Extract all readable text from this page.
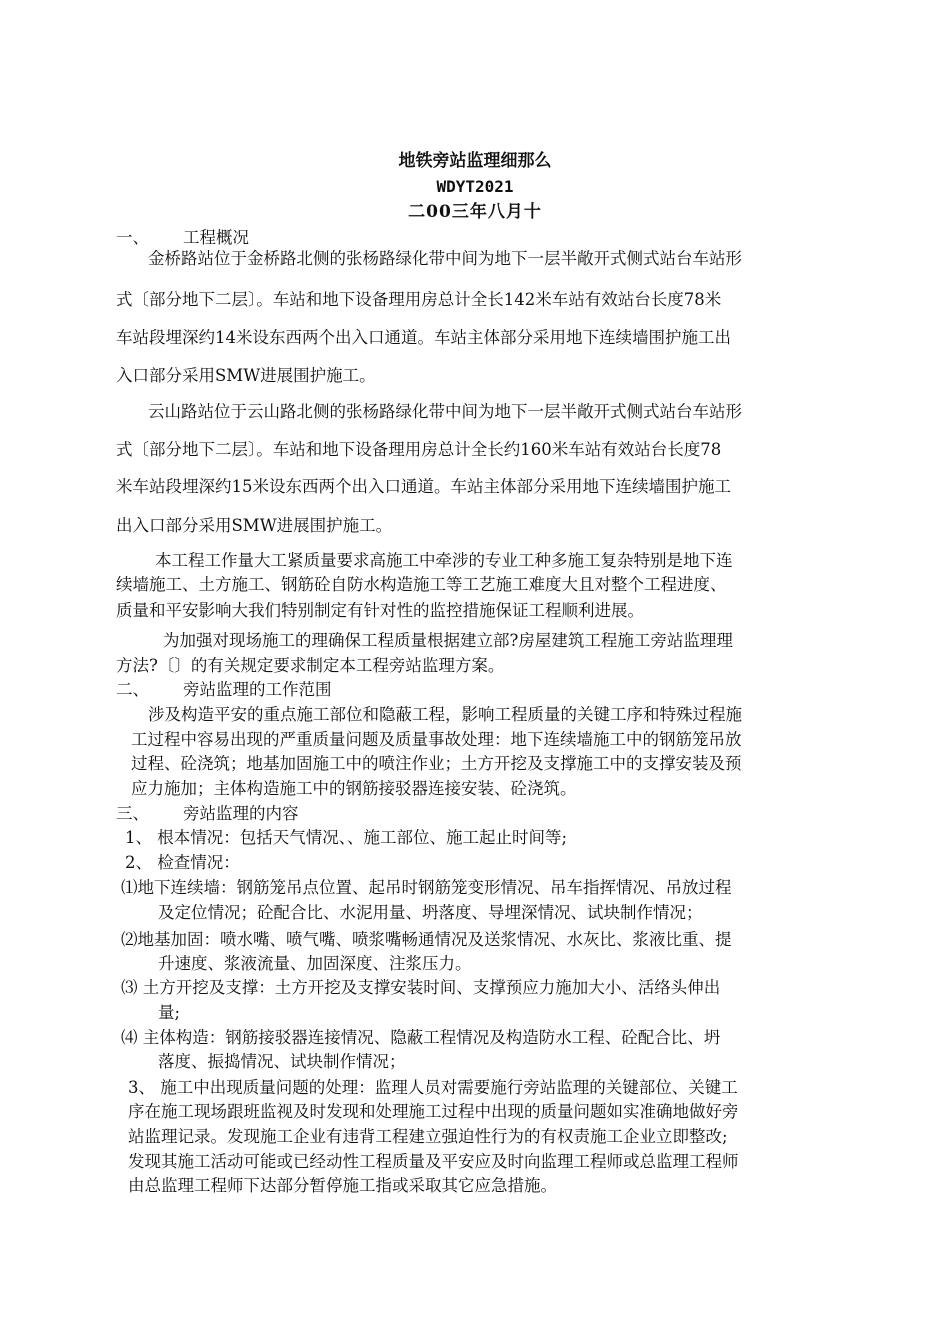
地铁旁站监理细那么
WDYT2021
二00三年八月十
一、 工程概况
金桥路站位于金桥路北侧的张杨路绿化带中间为地下一层半敞开式侧式站台车站形
式〔部分地下二层〕。车站和地下设备理用房总计全长142米车站有效站台长度78米
车站段埋深约14米设东西两个出入口通道。车站主体部分采用地下连续墙围护施工出
入口部分采用SMW进展围护施工。
云山路站位于云山路北侧的张杨路绿化带中间为地下一层半敞开式侧式站台车站形
式〔部分地下二层〕。车站和地下设备理用房总计全长约160米车站有效站台长度78
米车站段埋深约15米设东西两个出入口通道。车站主体部分采用地下连续墙围护施工
出入口部分采用SMW进展围护施工。
本工程工作量大工紧质量要求高施工中牵涉的专业工种多施工复杂特别是地下连
续墙施工、土方施工、钢筋砼自防水构造施工等工艺施工难度大且对整个工程进度、
质量和平安影响大我们特别制定有针对性的监控措施保证工程顺利进展。
为加强对现场施工的理确保工程质量根据建立部?房屋建筑工程施工旁站监理理
方法?〔〕的有关规定要求制定本工程旁站监理方案。
二、 旁站监理的工作范围
涉及构造平安的重点施工部位和隐蔽工程，影响工程质量的关键工序和特殊过程施
工过程中容易出现的严重质量问题及质量事故处理：地下连续墙施工中的钢筋笼吊放
过程、砼浇筑；地基加固施工中的喷注作业；土方开挖及支撑施工中的支撑安装及预
应力施加；主体构造施工中的钢筋接驳器连接安装、砼浇筑。
三、 旁站监理的内容
1、 根本情况：包括天气情况、、施工部位、施工起止时间等;
2、 检查情况：
⑴地下连续墙：钢筋笼吊点位置、起吊时钢筋笼变形情况、吊车指挥情况、吊放过程
及定位情况；砼配合比、水泥用量、坍落度、导埋深情况、试块制作情况；
⑵地基加固：喷水嘴、喷气嘴、喷浆嘴畅通情况及送浆情况、水灰比、浆液比重、提
升速度、浆液流量、加固深度、注浆压力。
⑶ 土方开挖及支撑：土方开挖及支撑安装时间、支撑预应力施加大小、活络头伸出
量;
⑷ 主体构造：钢筋接驳器连接情况、隐蔽工程情况及构造防水工程、砼配合比、坍
落度、振捣情况、试块制作情况；
3、 施工中出现质量问题的处理：监理人员对需要施行旁站监理的关键部位、关键工
序在施工现场跟班监视及时发现和处理施工过程中出现的质量问题如实准确地做好旁
站监理记录。发现施工企业有违背工程建立强迫性行为的有权责施工企业立即整改;
发现其施工活动可能或已经动性工程质量及平安应及时向监理工程师或总监理工程师
由总监理工程师下达部分暂停施工指或采取其它应急措施。
